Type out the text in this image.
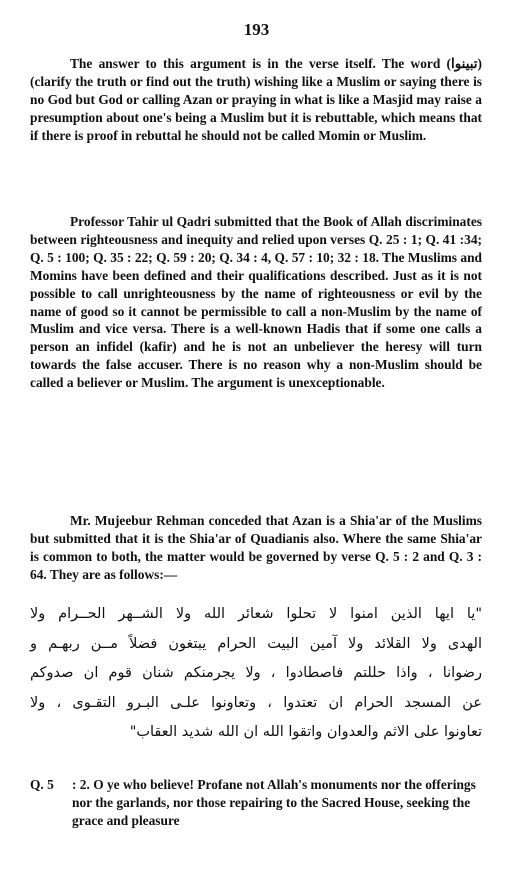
193

The answer to this argument is in the verse itself. The word (تبينوا) (clarify the truth or find out the truth) wishing like a Muslim or saying there is no God but God or calling Azan or praying in what is like a Masjid may raise a presumption about one's being a Muslim but it is rebuttable, which means that if there is proof in rebuttal he should not be called Momin or Muslim.

Professor Tahir ul Qadri submitted that the Book of Allah discriminates between righteousness and inequity and relied upon verses Q. 25 : 1; Q. 41 :34; Q. 5 : 100; Q. 35 : 22; Q. 59 : 20; Q. 34 : 4, Q. 57 : 10; 32 : 18. The Muslims and Momins have been defined and their qualifications described. Just as it is not possible to call unrighteousness by the name of righteousness or evil by the name of good so it cannot be permissible to call a non-Muslim by the name of Muslim and vice versa. There is a well-known Hadis that if some one calls a person an infidel (kafir) and he is not an unbeliever the heresy will turn towards the false accuser. There is no reason why a non-Muslim should be called a believer or Muslim. The argument is unexceptionable.

Mr. Mujeebur Rehman conceded that Azan is a Shia'ar of the Muslims but submitted that it is the Shia'ar of Quadianis also. Where the same Shia'ar is common to both, the matter would be governed by verse Q. 5 : 2 and Q. 3 : 64. They are as follows:—

"يا ايها الذين امنوا لا تحلوا شعائر الله ولا الشــهر الحــرام ولا
الهدى ولا القلائد ولا آمين البيت الحرام يبتغون فضلاً مــن ربهـم و
رضوانا ، واذا حللتم فاصطادوا ، ولا يجرمنكم شنان قوم ان صدوكم
عن المسجد الحرام ان تعتدوا ، وتعاونوا علـى البـرو التقـوى ، ولا
تعاونوا على الاثم والعدوان واتقوا الله ان الله شديد العقاب"
Q. 5	: 2. O ye who believe! Profane not Allah's monuments nor the offerings nor the garlands, nor those repairing to the Sacred House, seeking the grace and pleasure
